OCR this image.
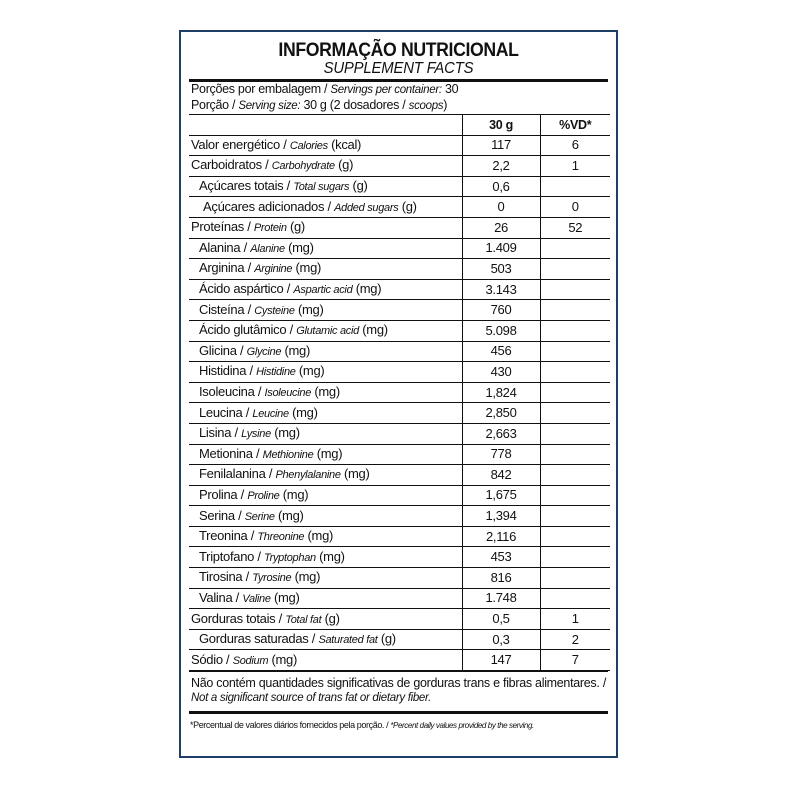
INFORMAÇÃO NUTRICIONAL
SUPPLEMENT FACTS
Porções por embalagem / Servings per container: 30
Porção / Serving size: 30 g (2 dosadores / scoops)
	30 g	%VD*
Valor energético / Calories (kcal)	117	6
Carboidratos / Carbohydrate (g)	2,2	1
Açúcares totais / Total sugars (g)	0,6	
Açúcares adicionados / Added sugars (g)	0	0
Proteínas / Protein (g)	26	52
Alanina / Alanine (mg)	1.409	
Arginina / Arginine (mg)	503	
Ácido aspártico / Aspartic acid (mg)	3.143	
Cisteína / Cysteine (mg)	760	
Ácido glutâmico / Glutamic acid (mg)	5.098	
Glicina / Glycine (mg)	456	
Histidina / Histidine (mg)	430	
Isoleucina / Isoleucine (mg)	1,824	
Leucina / Leucine (mg)	2,850	
Lisina / Lysine (mg)	2,663	
Metionina / Methionine (mg)	778	
Fenilalanina / Phenylalanine (mg)	842	
Prolina / Proline (mg)	1,675	
Serina / Serine (mg)	1,394	
Treonina / Threonine (mg)	2,116	
Triptofano / Tryptophan (mg)	453	
Tirosina / Tyrosine (mg)	816	
Valina / Valine (mg)	1.748	
Gorduras totais / Total fat (g)	0,5	1
Gorduras saturadas / Saturated fat (g)	0,3	2
Sódio / Sodium (mg)	147	7
Não contém quantidades significativas de gorduras trans e fibras alimentares. / Not a significant source of trans fat or dietary fiber.
*Percentual de valores diários fornecidos pela porção. / *Percent daily values provided by the serving.
